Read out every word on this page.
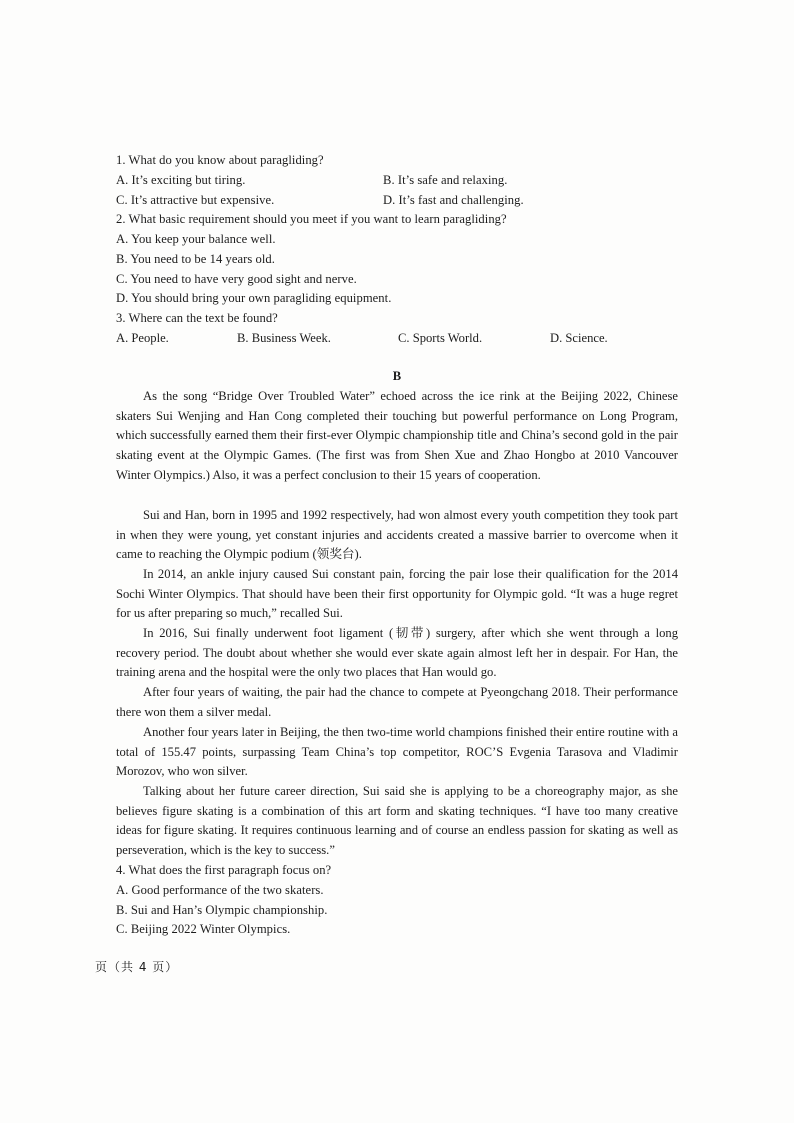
1. What do you know about paragliding?
A. It’s exciting but tiring.	B. It’s safe and relaxing.
C. It’s attractive but expensive.	D. It’s fast and challenging.
2. What basic requirement should you meet if you want to learn paragliding?
A. You keep your balance well.
B. You need to be 14 years old.
C. You need to have very good sight and nerve.
D. You should bring your own paragliding equipment.
3. Where can the text be found?
A. People.	B. Business Week.	C. Sports World.	D. Science.
B

As the song “Bridge Over Troubled Water” echoed across the ice rink at the Beijing 2022, Chinese skaters Sui Wenjing and Han Cong completed their touching but powerful performance on Long Program, which successfully earned them their first-ever Olympic championship title and China’s second gold in the pair skating event at the Olympic Games. (The first was from Shen Xue and Zhao Hongbo at 2010 Vancouver Winter Olympics.) Also, it was a perfect conclusion to their 15 years of cooperation.

Sui and Han, born in 1995 and 1992 respectively, had won almost every youth competition they took part in when they were young, yet constant injuries and accidents created a massive barrier to overcome when it came to reaching the Olympic podium (领奖台).

In 2014, an ankle injury caused Sui constant pain, forcing the pair lose their qualification for the 2014 Sochi Winter Olympics. That should have been their first opportunity for Olympic gold. “It was a huge regret for us after preparing so much,” recalled Sui.

In 2016, Sui finally underwent foot ligament (韧带) surgery, after which she went through a long recovery period. The doubt about whether she would ever skate again almost left her in despair. For Han, the training arena and the hospital were the only two places that Han would go.

After four years of waiting, the pair had the chance to compete at Pyeongchang 2018. Their performance there won them a silver medal.

Another four years later in Beijing, the then two-time world champions finished their entire routine with a total of 155.47 points, surpassing Team China’s top competitor, ROC’S Evgenia Tarasova and Vladimir Morozov, who won silver.

Talking about her future career direction, Sui said she is applying to be a choreography major, as she believes figure skating is a combination of this art form and skating techniques. “I have too many creative ideas for figure skating. It requires continuous learning and of course an endless passion for skating as well as perseveration, which is the key to success.”

4. What does the first paragraph focus on?
A. Good performance of the two skaters.
B. Sui and Han’s Olympic championship.
C. Beijing 2022 Winter Olympics.
页（共 4 页）
